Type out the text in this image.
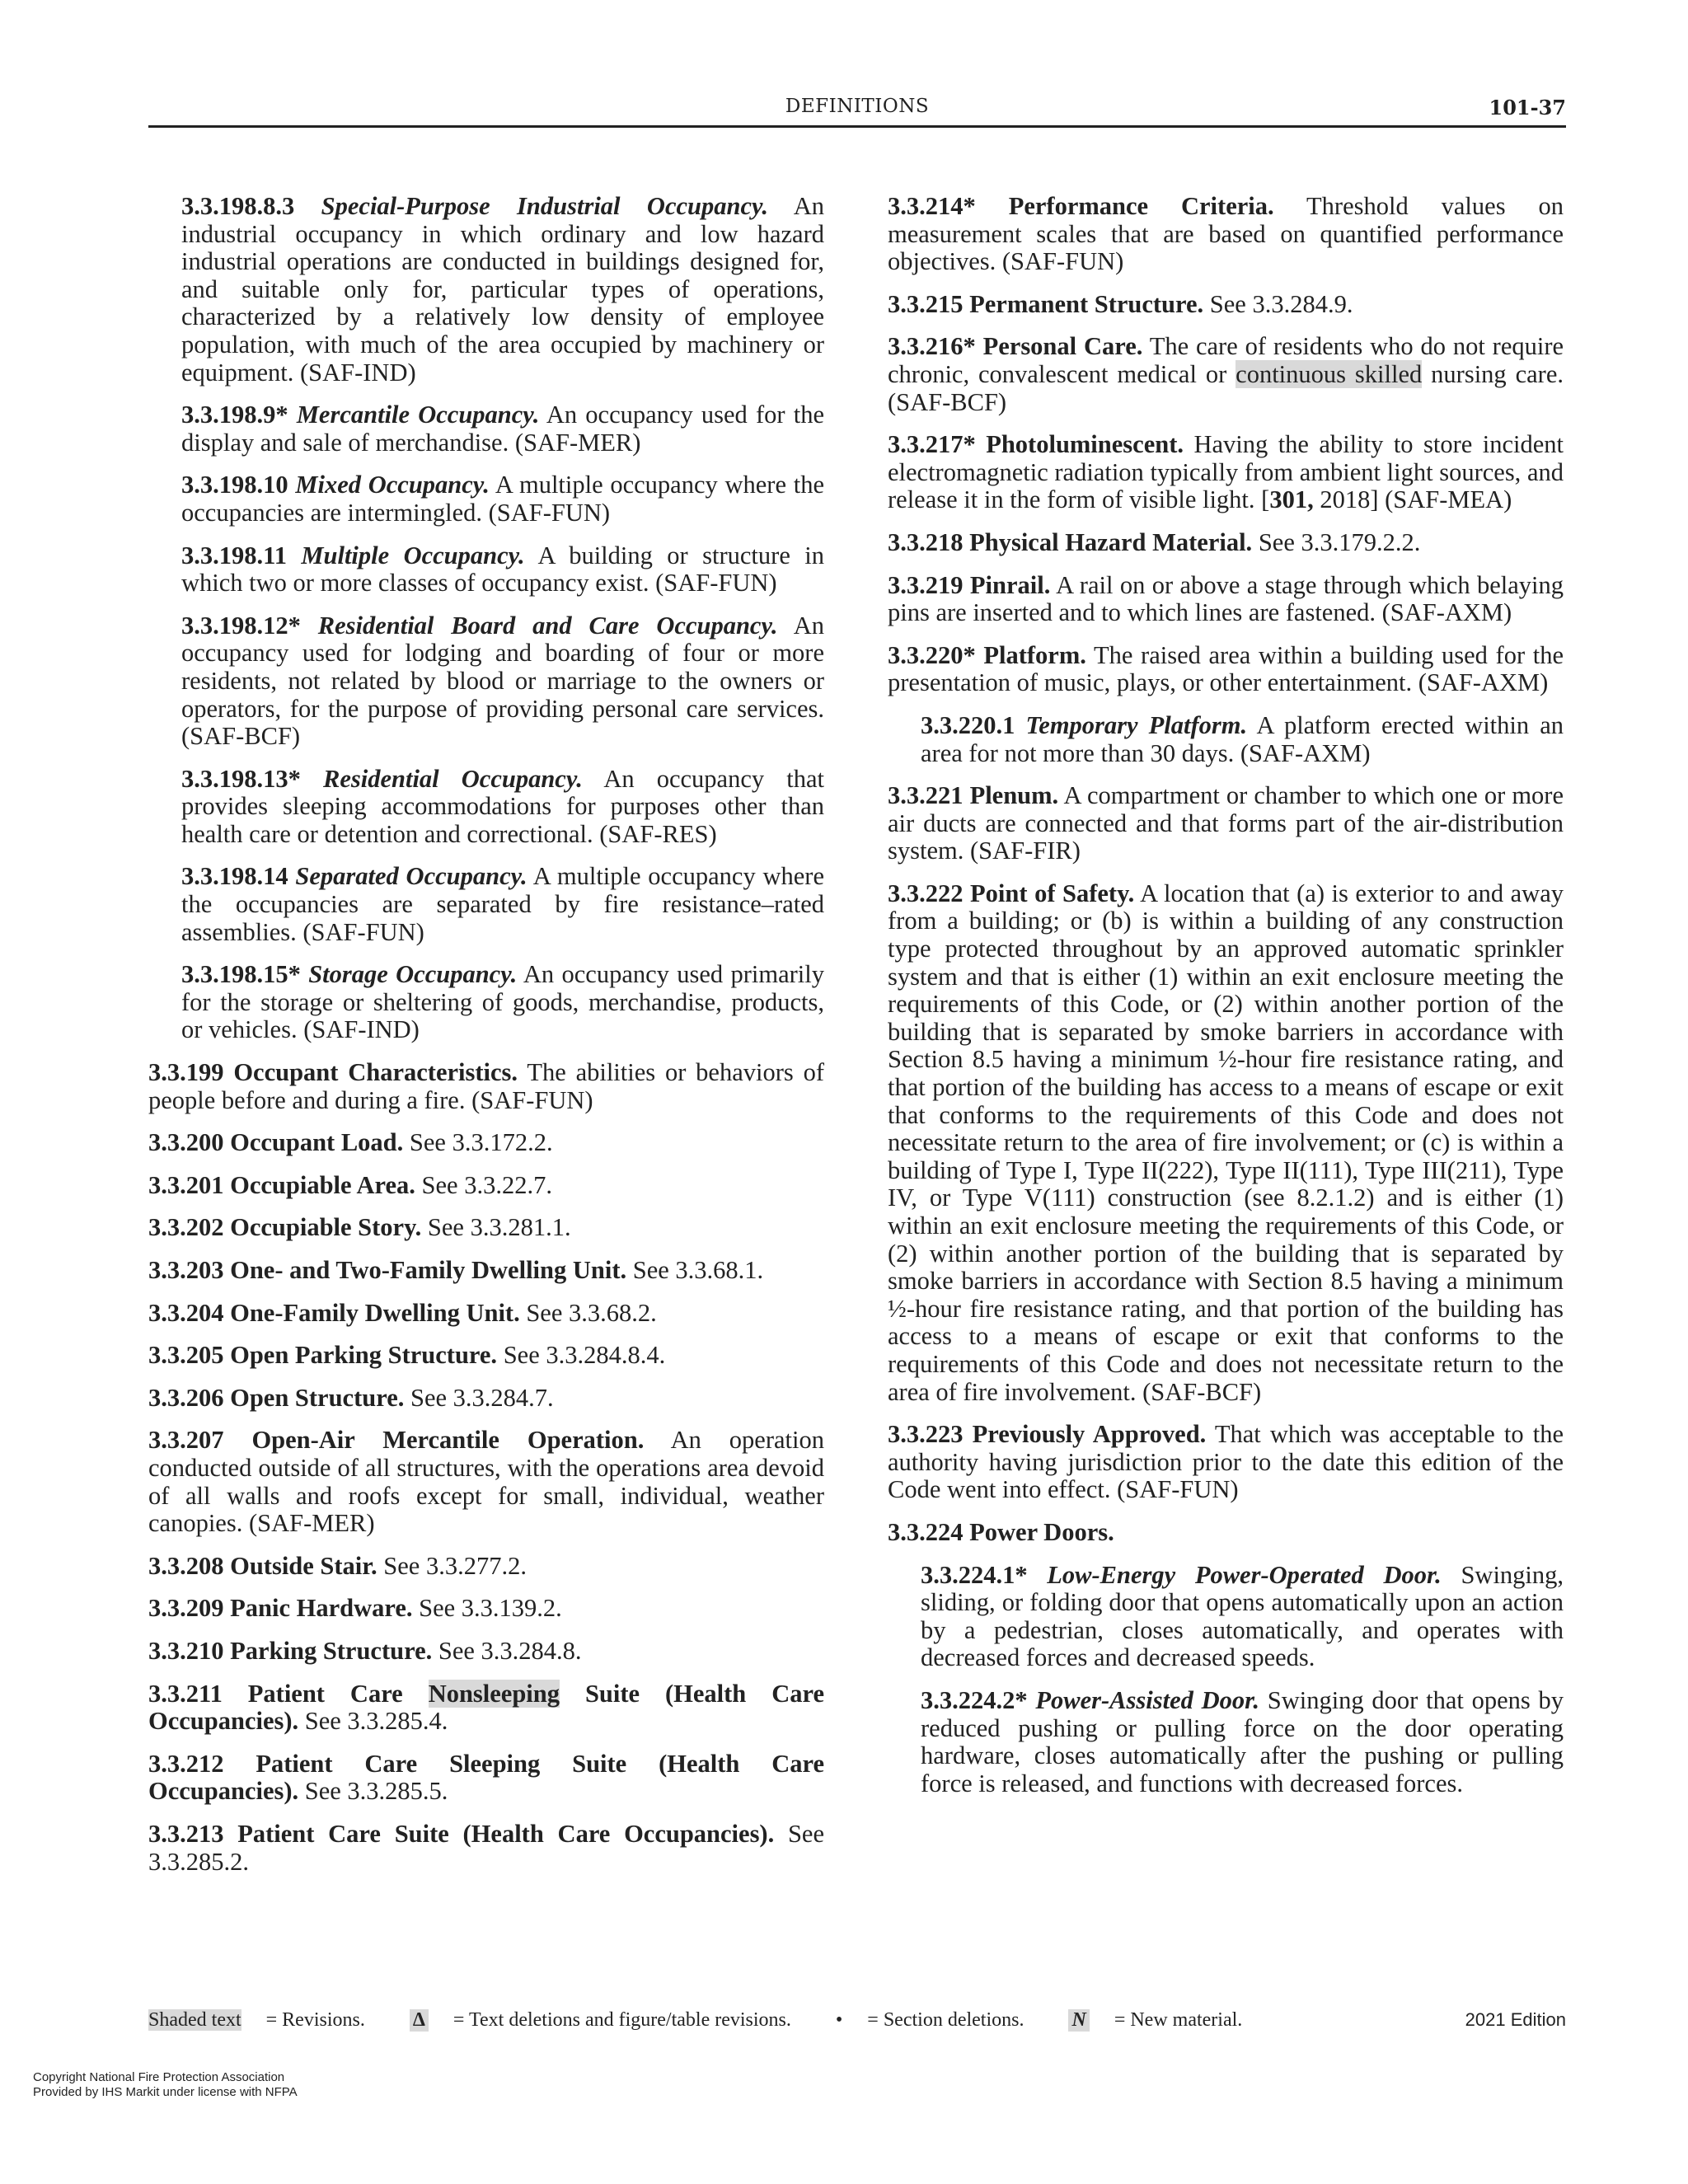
DEFINITIONS	101-37
3.3.198.8.3 Special-Purpose Industrial Occupancy. An industrial occupancy in which ordinary and low hazard industrial operations are conducted in buildings designed for, and suitable only for, particular types of operations, characterized by a relatively low density of employee population, with much of the area occupied by machinery or equipment. (SAF-IND)
3.3.198.9* Mercantile Occupancy. An occupancy used for the display and sale of merchandise. (SAF-MER)
3.3.198.10 Mixed Occupancy. A multiple occupancy where the occupancies are intermingled. (SAF-FUN)
3.3.198.11 Multiple Occupancy. A building or structure in which two or more classes of occupancy exist. (SAF-FUN)
3.3.198.12* Residential Board and Care Occupancy. An occupancy used for lodging and boarding of four or more residents, not related by blood or marriage to the owners or operators, for the purpose of providing personal care services. (SAF-BCF)
3.3.198.13* Residential Occupancy. An occupancy that provides sleeping accommodations for purposes other than health care or detention and correctional. (SAF-RES)
3.3.198.14 Separated Occupancy. A multiple occupancy where the occupancies are separated by fire resistance–rated assemblies. (SAF-FUN)
3.3.198.15* Storage Occupancy. An occupancy used primarily for the storage or sheltering of goods, merchandise, products, or vehicles. (SAF-IND)
3.3.199 Occupant Characteristics. The abilities or behaviors of people before and during a fire. (SAF-FUN)
3.3.200 Occupant Load. See 3.3.172.2.
3.3.201 Occupiable Area. See 3.3.22.7.
3.3.202 Occupiable Story. See 3.3.281.1.
3.3.203 One- and Two-Family Dwelling Unit. See 3.3.68.1.
3.3.204 One-Family Dwelling Unit. See 3.3.68.2.
3.3.205 Open Parking Structure. See 3.3.284.8.4.
3.3.206 Open Structure. See 3.3.284.7.
3.3.207 Open-Air Mercantile Operation. An operation conducted outside of all structures, with the operations area devoid of all walls and roofs except for small, individual, weather canopies. (SAF-MER)
3.3.208 Outside Stair. See 3.3.277.2.
3.3.209 Panic Hardware. See 3.3.139.2.
3.3.210 Parking Structure. See 3.3.284.8.
3.3.211 Patient Care Nonsleeping Suite (Health Care Occupancies). See 3.3.285.4.
3.3.212 Patient Care Sleeping Suite (Health Care Occupancies). See 3.3.285.5.
3.3.213 Patient Care Suite (Health Care Occupancies). See 3.3.285.2.
3.3.214* Performance Criteria. Threshold values on measurement scales that are based on quantified performance objectives. (SAF-FUN)
3.3.215 Permanent Structure. See 3.3.284.9.
3.3.216* Personal Care. The care of residents who do not require chronic, convalescent medical or continuous skilled nursing care. (SAF-BCF)
3.3.217* Photoluminescent. Having the ability to store incident electromagnetic radiation typically from ambient light sources, and release it in the form of visible light. [301, 2018] (SAF-MEA)
3.3.218 Physical Hazard Material. See 3.3.179.2.2.
3.3.219 Pinrail. A rail on or above a stage through which belaying pins are inserted and to which lines are fastened. (SAF-AXM)
3.3.220* Platform. The raised area within a building used for the presentation of music, plays, or other entertainment. (SAF-AXM)
3.3.220.1 Temporary Platform. A platform erected within an area for not more than 30 days. (SAF-AXM)
3.3.221 Plenum. A compartment or chamber to which one or more air ducts are connected and that forms part of the air-distribution system. (SAF-FIR)
3.3.222 Point of Safety. A location that (a) is exterior to and away from a building; or (b) is within a building of any construction type protected throughout by an approved automatic sprinkler system and that is either (1) within an exit enclosure meeting the requirements of this Code, or (2) within another portion of the building that is separated by smoke barriers in accordance with Section 8.5 having a minimum ½-hour fire resistance rating, and that portion of the building has access to a means of escape or exit that conforms to the requirements of this Code and does not necessitate return to the area of fire involvement; or (c) is within a building of Type I, Type II(222), Type II(111), Type III(211), Type IV, or Type V(111) construction (see 8.2.1.2) and is either (1) within an exit enclosure meeting the requirements of this Code, or (2) within another portion of the building that is separated by smoke barriers in accordance with Section 8.5 having a minimum ½-hour fire resistance rating, and that portion of the building has access to a means of escape or exit that conforms to the requirements of this Code and does not necessitate return to the area of fire involvement. (SAF-BCF)
3.3.223 Previously Approved. That which was acceptable to the authority having jurisdiction prior to the date this edition of the Code went into effect. (SAF-FUN)
3.3.224 Power Doors.
3.3.224.1* Low-Energy Power-Operated Door. Swinging, sliding, or folding door that opens automatically upon an action by a pedestrian, closes automatically, and operates with decreased forces and decreased speeds.
3.3.224.2* Power-Assisted Door. Swinging door that opens by reduced pushing or pulling force on the door operating hardware, closes automatically after the pushing or pulling force is released, and functions with decreased forces.
Shaded text = Revisions. Δ = Text deletions and figure/table revisions. • = Section deletions. N = New material.	2021 Edition
Copyright National Fire Protection Association
Provided by IHS Markit under license with NFPA
